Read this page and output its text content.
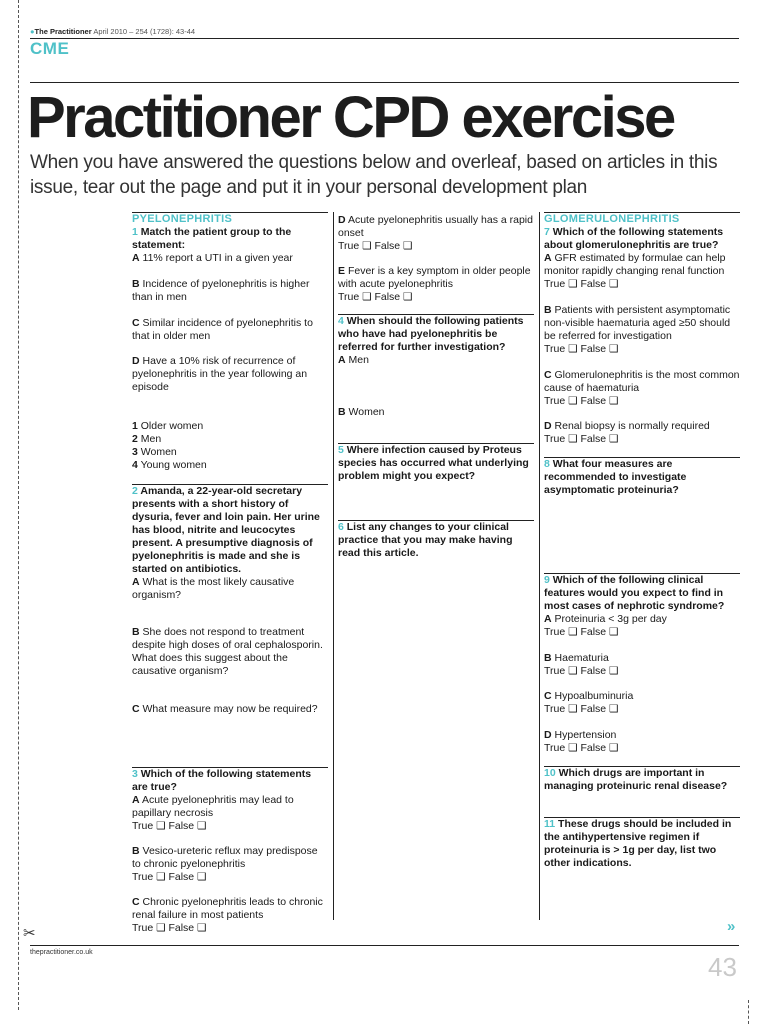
✂
●The Practitioner April 2010 – 254 (1728): 43-44
CME
Practitioner CPD exercise

When you have answered the questions below and overleaf, based on articles in this issue, tear out the page and put it in your personal development plan

PYELONEPHRITIS
1 Match the patient group to the statement:
A 11% report a UTI in a given year
B Incidence of pyelonephritis is higher than in men
C Similar incidence of pyelonephritis to that in older men
D Have a 10% risk of recurrence of pyelonephritis in the year following an episode
1 Older women
2 Men
3 Women
4 Young women
2 Amanda, a 22-year-old secretary presents with a short history of dysuria, fever and loin pain. Her urine has blood, nitrite and leucocytes present. A presumptive diagnosis of pyelonephritis is made and she is started on antibiotics.
A What is the most likely causative organism?
B She does not respond to treatment despite high doses of oral cephalosporin. What does this suggest about the causative organism?
C What measure may now be required?
3 Which of the following statements are true?
A Acute pyelonephritis may lead to papillary necrosis
True ❑ False ❑
B Vesico-ureteric reflux may predispose to chronic pyelonephritis
True ❑ False ❑
C Chronic pyelonephritis leads to chronic renal failure in most patients
True ❑ False ❑
D Acute pyelonephritis usually has a rapid onset
True ❑ False ❑
E Fever is a key symptom in older people with acute pyelonephritis
True ❑ False ❑
4 When should the following patients who have had pyelonephritis be referred for further investigation?
A Men
B Women
5 Where infection caused by Proteus species has occurred what underlying problem might you expect?
6 List any changes to your clinical practice that you may make having read this article.
GLOMERULONEPHRITIS
7 Which of the following statements about glomerulonephritis are true?
A GFR estimated by formulae can help monitor rapidly changing renal function
True ❑ False ❑
B Patients with persistent asymptomatic non-visible haematuria aged ≥50 should be referred for investigation
True ❑ False ❑
C Glomerulonephritis is the most common cause of haematuria
True ❑ False ❑
D Renal biopsy is normally required
True ❑ False ❑
8 What four measures are recommended to investigate asymptomatic proteinuria?
9 Which of the following clinical features would you expect to find in most cases of nephrotic syndrome?
A Proteinuria < 3g per day
True ❑ False ❑
B Haematuria
True ❑ False ❑
C Hypoalbuminuria
True ❑ False ❑
D Hypertension
True ❑ False ❑
10 Which drugs are important in managing proteinuric renal disease?
11 These drugs should be included in the antihypertensive regimen if proteinuria is > 1g per day, list two other indications.
»
thepractitioner.co.uk	43
